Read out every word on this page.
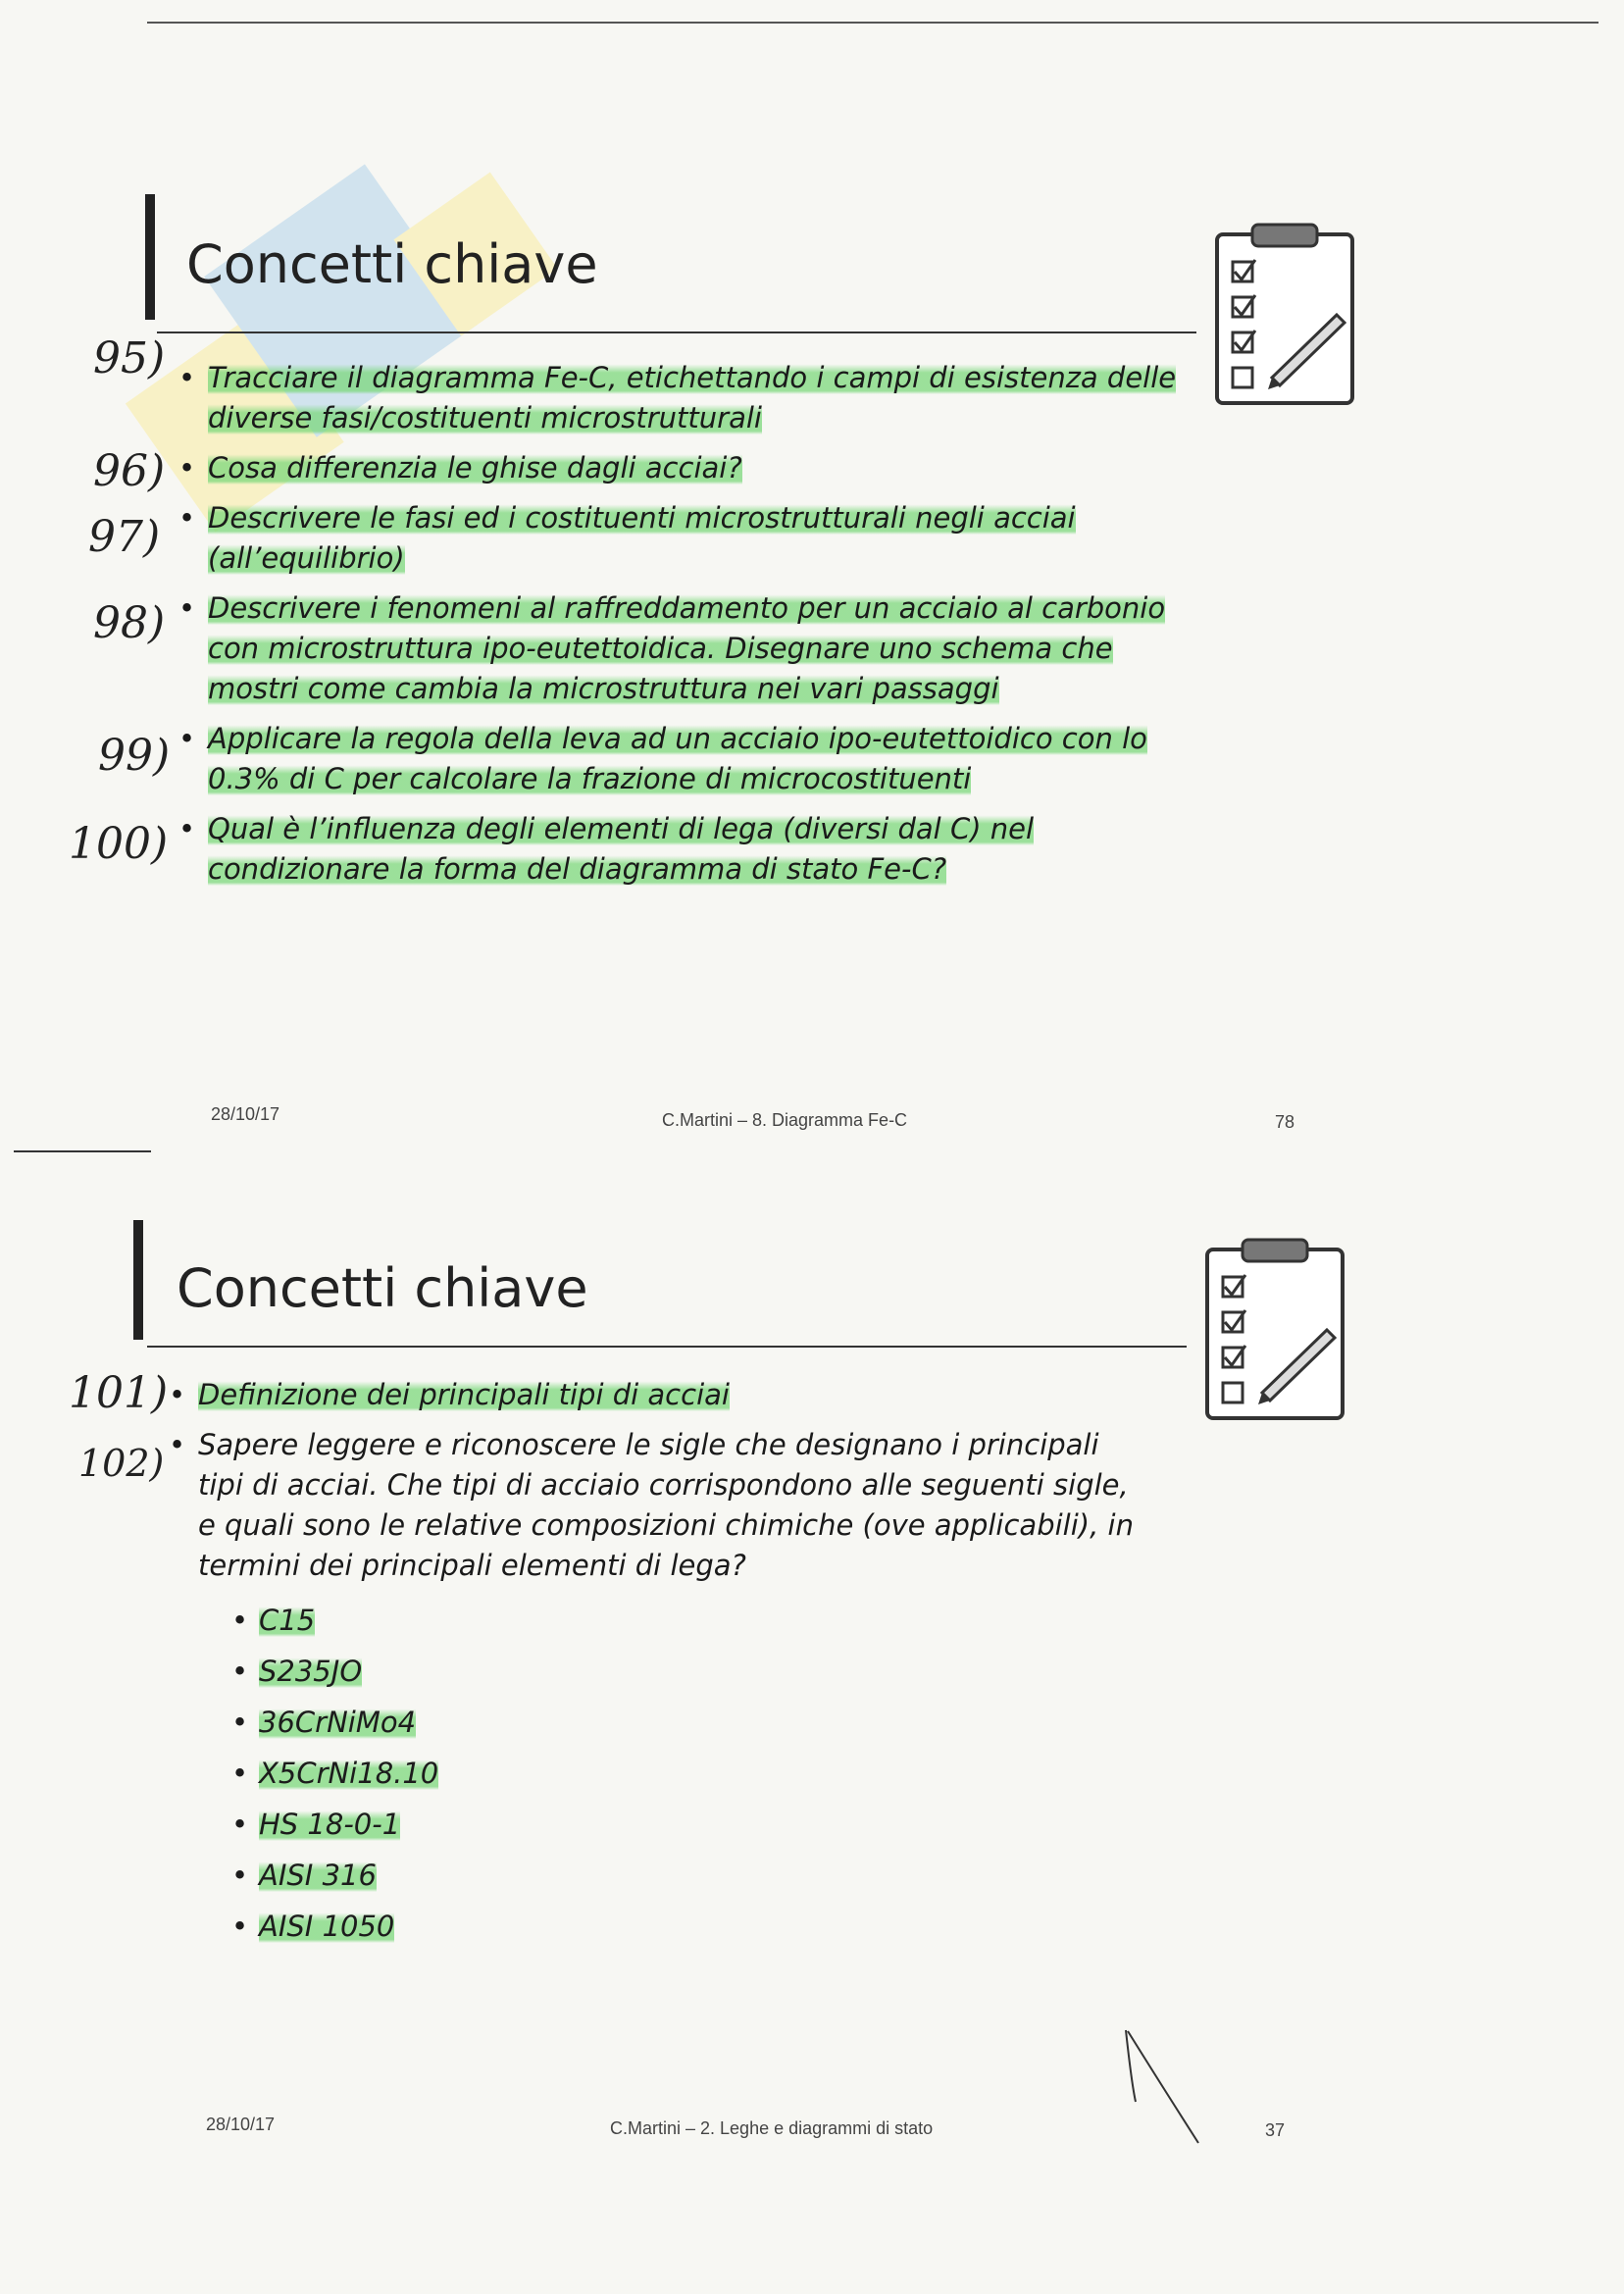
Concetti chiave
95)
96)
97)
98)
99)
100)
• Tracciare il diagramma Fe-C, etichettando i campi di esistenza delle diverse fasi/costituenti microstrutturali
• Cosa differenzia le ghise dagli acciai?
• Descrivere le fasi ed i costituenti microstrutturali negli acciai (all’equilibrio)
• Descrivere i fenomeni al raffreddamento per un acciaio al carbonio con microstruttura ipo-eutettoidica. Disegnare uno schema che mostri come cambia la microstruttura nei vari passaggi
• Applicare la regola della leva ad un acciaio ipo-eutettoidico con lo 0.3% di C per calcolare la frazione di microcostituenti
• Qual è l’influenza degli elementi di lega (diversi dal C) nel condizionare la forma del diagramma di stato Fe-C?
28/10/17	C.Martini – 8. Diagramma Fe-C	78
Concetti chiave
101)
102)
• Definizione dei principali tipi di acciai
• Sapere leggere e riconoscere le sigle che designano i principali tipi di acciai. Che tipi di acciaio corrispondono alle seguenti sigle, e quali sono le relative composizioni chimiche (ove applicabili), in termini dei principali elementi di lega?
• C15
• S235JO
• 36CrNiMo4
• X5CrNi18.10
• HS 18-0-1
• AISI 316
• AISI 1050
28/10/17	C.Martini – 2. Leghe e diagrammi di stato	37
